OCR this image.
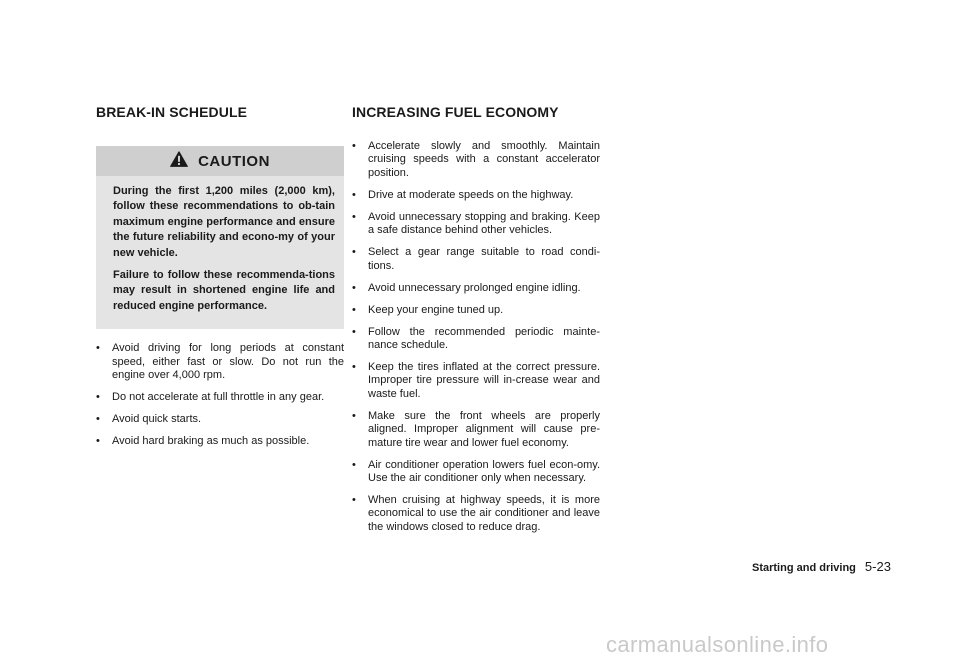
BREAK-IN SCHEDULE
CAUTION

During the first 1,200 miles (2,000 km), follow these recommendations to ob-tain maximum engine performance and ensure the future reliability and econo-my of your new vehicle.

Failure to follow these recommenda-tions may result in shortened engine life and reduced engine performance.

• Avoid driving for long periods at constant speed, either fast or slow. Do not run the engine over 4,000 rpm.
• Do not accelerate at full throttle in any gear.
• Avoid quick starts.
• Avoid hard braking as much as possible.
INCREASING FUEL ECONOMY
• Accelerate slowly and smoothly. Maintain cruising speeds with a constant accelerator position.
• Drive at moderate speeds on the highway.
• Avoid unnecessary stopping and braking. Keep a safe distance behind other vehicles.
• Select a gear range suitable to road condi-tions.
• Avoid unnecessary prolonged engine idling.
• Keep your engine tuned up.
• Follow the recommended periodic mainte-nance schedule.
• Keep the tires inflated at the correct pressure. Improper tire pressure will in-crease wear and waste fuel.
• Make sure the front wheels are properly aligned. Improper alignment will cause pre-mature tire wear and lower fuel economy.
• Air conditioner operation lowers fuel econ-omy. Use the air conditioner only when necessary.
• When cruising at highway speeds, it is more economical to use the air conditioner and leave the windows closed to reduce drag.
Starting and driving 5-23
carmanualsonline.info
